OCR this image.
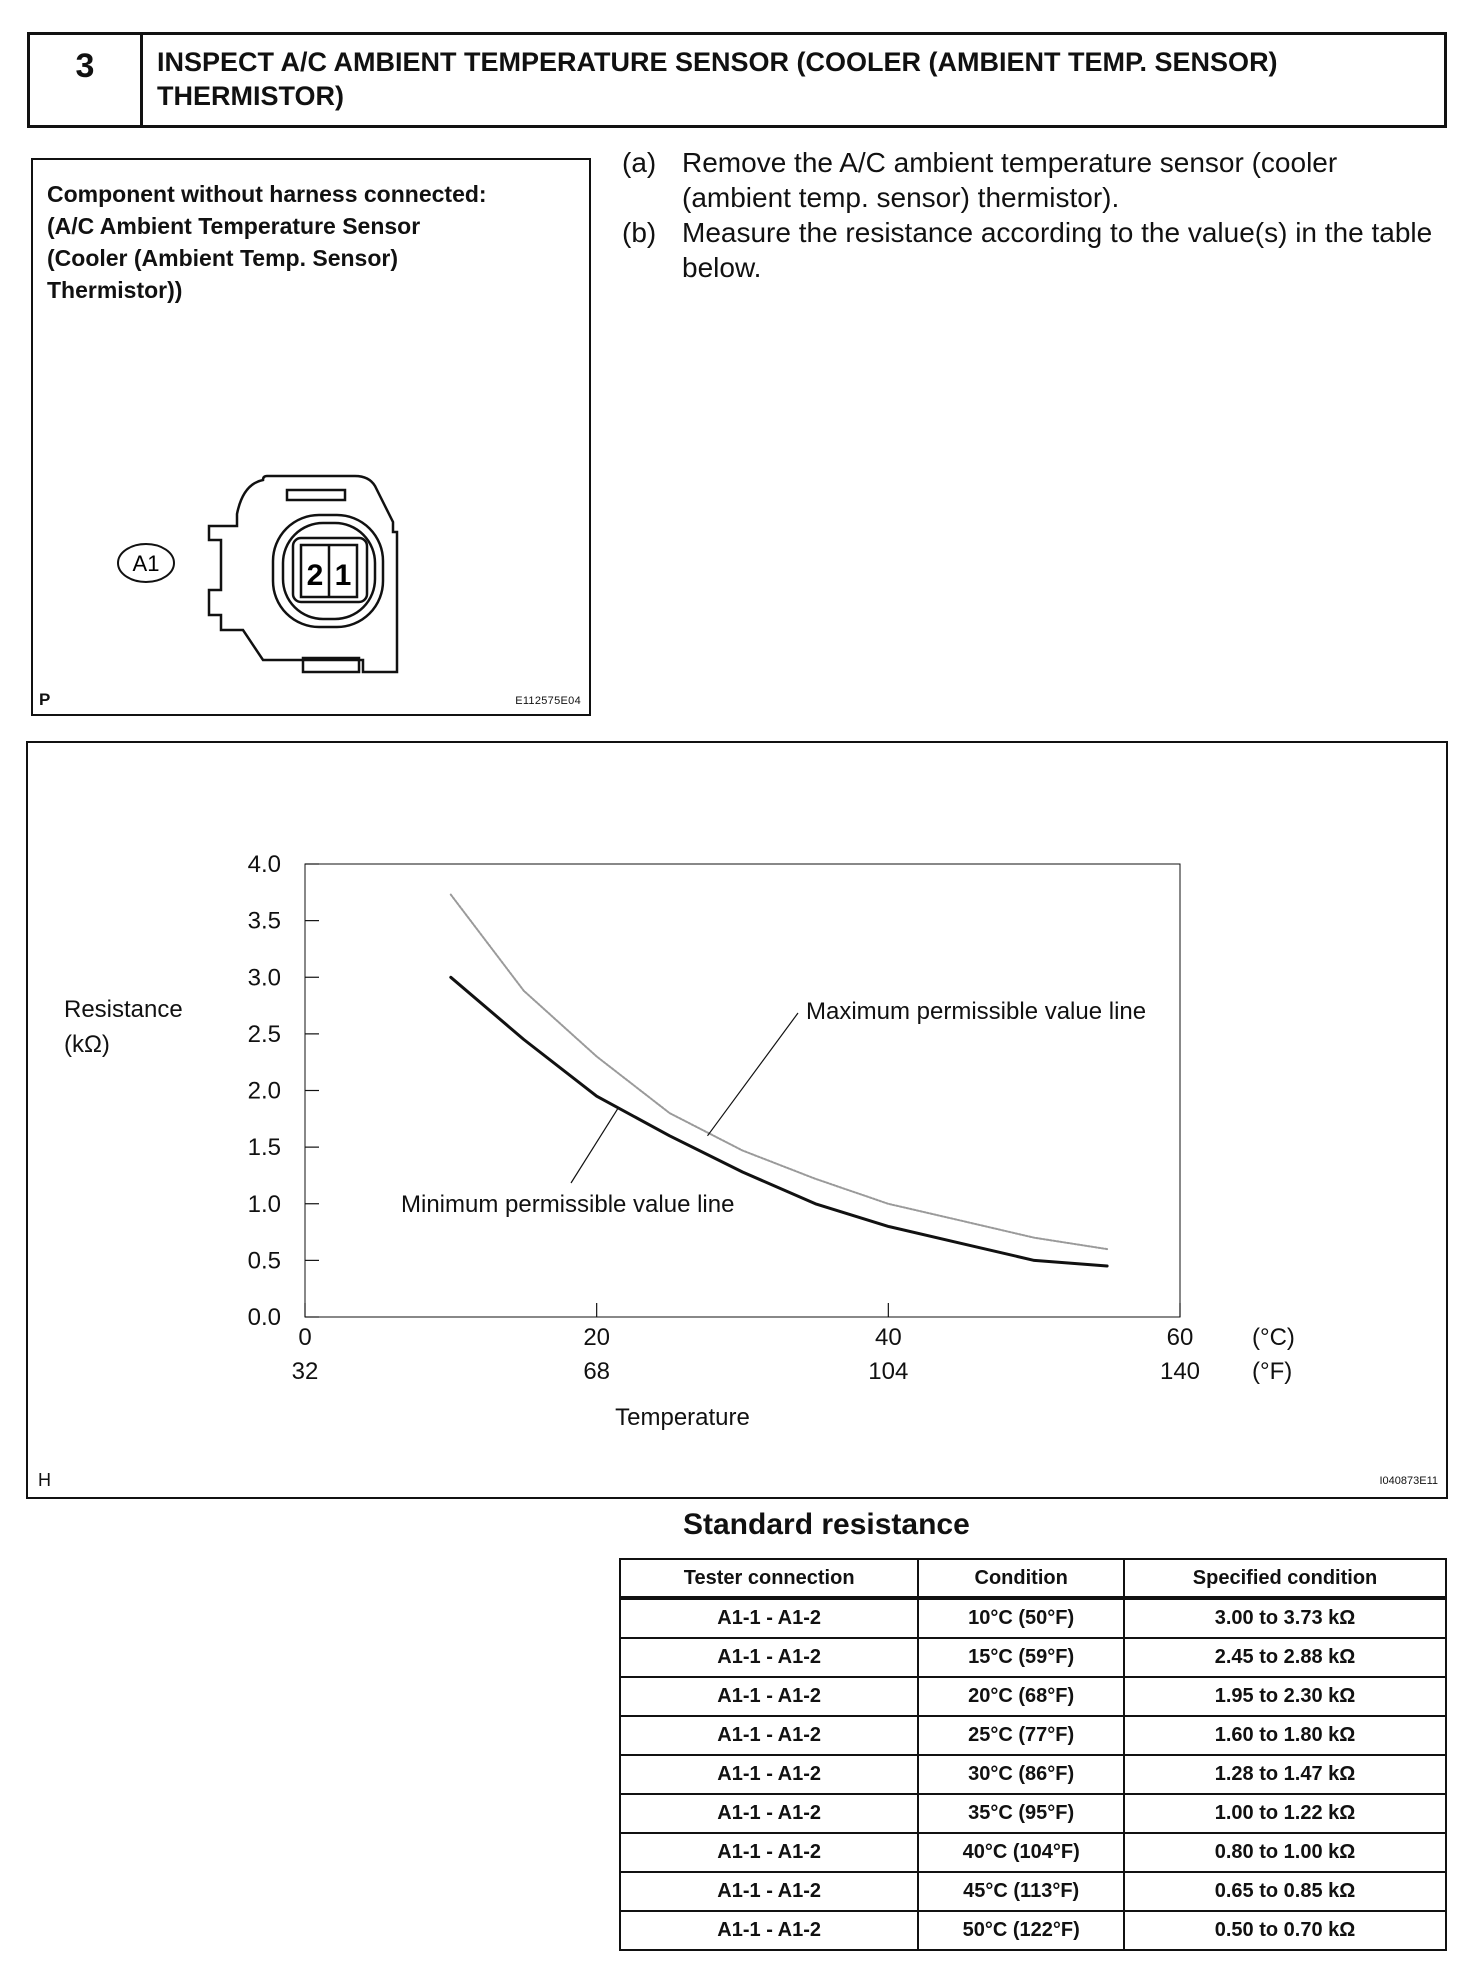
3	INSPECT A/C AMBIENT TEMPERATURE SENSOR (COOLER (AMBIENT TEMP. SENSOR) THERMISTOR)
Component without harness connected:
(A/C Ambient Temperature Sensor
(Cooler (Ambient Temp. Sensor)
Thermistor))
A1	2 1
P	E112575E04
(a) Remove the A/C ambient temperature sensor (cooler (ambient temp. sensor) thermistor).
(b) Measure the resistance according to the value(s) in the table below.
0.0
0.5
1.0
1.5
2.0
2.5
3.0
3.5
4.0
0
32
20
68
40
104
60
140
(°C)
(°F)
Temperature
Resistance
(kΩ)
Maximum permissible value line
Minimum permissible value line
H	I040873E11
Standard resistance
Tester connection	Condition	Specified condition
A1-1 - A1-2	10°C (50°F)	3.00 to 3.73 kΩ
A1-1 - A1-2	15°C (59°F)	2.45 to 2.88 kΩ
A1-1 - A1-2	20°C (68°F)	1.95 to 2.30 kΩ
A1-1 - A1-2	25°C (77°F)	1.60 to 1.80 kΩ
A1-1 - A1-2	30°C (86°F)	1.28 to 1.47 kΩ
A1-1 - A1-2	35°C (95°F)	1.00 to 1.22 kΩ
A1-1 - A1-2	40°C (104°F)	0.80 to 1.00 kΩ
A1-1 - A1-2	45°C (113°F)	0.65 to 0.85 kΩ
A1-1 - A1-2	50°C (122°F)	0.50 to 0.70 kΩ
